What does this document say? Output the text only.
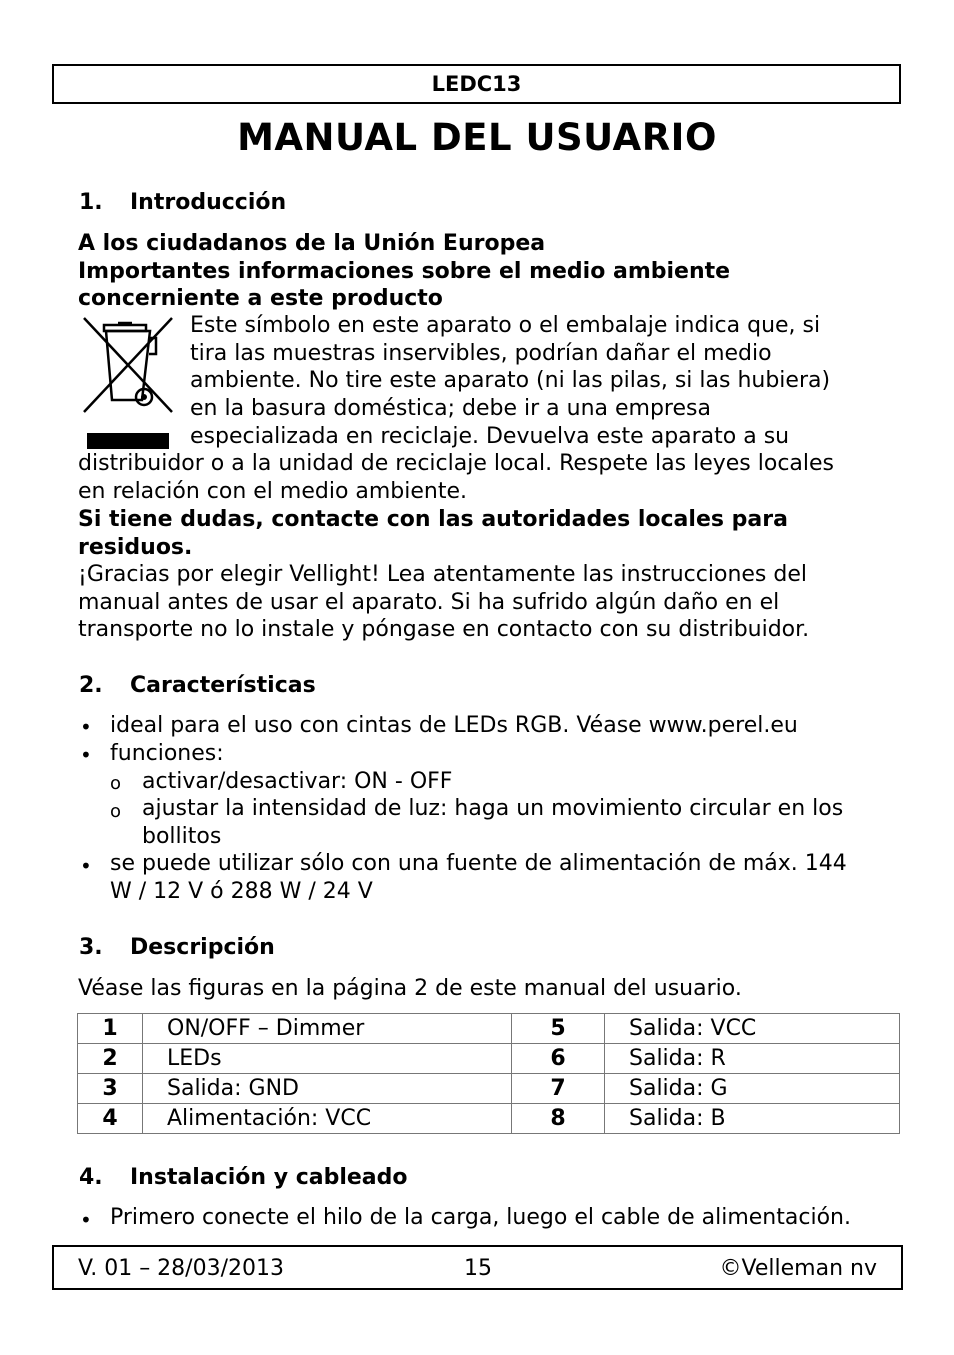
LEDC13
MANUAL DEL USUARIO
1. Introducción
A los ciudadanos de la Unión Europea
Importantes informaciones sobre el medio ambiente
concerniente a este producto
Este símbolo en este aparato o el embalaje indica que, si
tira las muestras inservibles, podrían dañar el medio
ambiente. No tire este aparato (ni las pilas, si las hubiera)
en la basura doméstica; debe ir a una empresa
especializada en reciclaje. Devuelva este aparato a su
distribuidor o a la unidad de reciclaje local. Respete las leyes locales
en relación con el medio ambiente.
Si tiene dudas, contacte con las autoridades locales para
residuos.
¡Gracias por elegir Vellight! Lea atentamente las instrucciones del
manual antes de usar el aparato. Si ha sufrido algún daño en el
transporte no lo instale y póngase en contacto con su distribuidor.
2. Características
• ideal para el uso con cintas de LEDs RGB. Véase www.perel.eu
• funciones:
o activar/desactivar: ON - OFF
o ajustar la intensidad de luz: haga un movimiento circular en los
bollitos
• se puede utilizar sólo con una fuente de alimentación de máx. 144
W / 12 V ó 288 W / 24 V
3. Descripción
Véase las figuras en la página 2 de este manual del usuario.
1	ON/OFF – Dimmer	5	Salida: VCC
2	LEDs	6	Salida: R
3	Salida: GND	7	Salida: G
4	Alimentación: VCC	8	Salida: B
4. Instalación y cableado
• Primero conecte el hilo de la carga, luego el cable de alimentación.
V. 01 – 28/03/2013	15	©Velleman nv
